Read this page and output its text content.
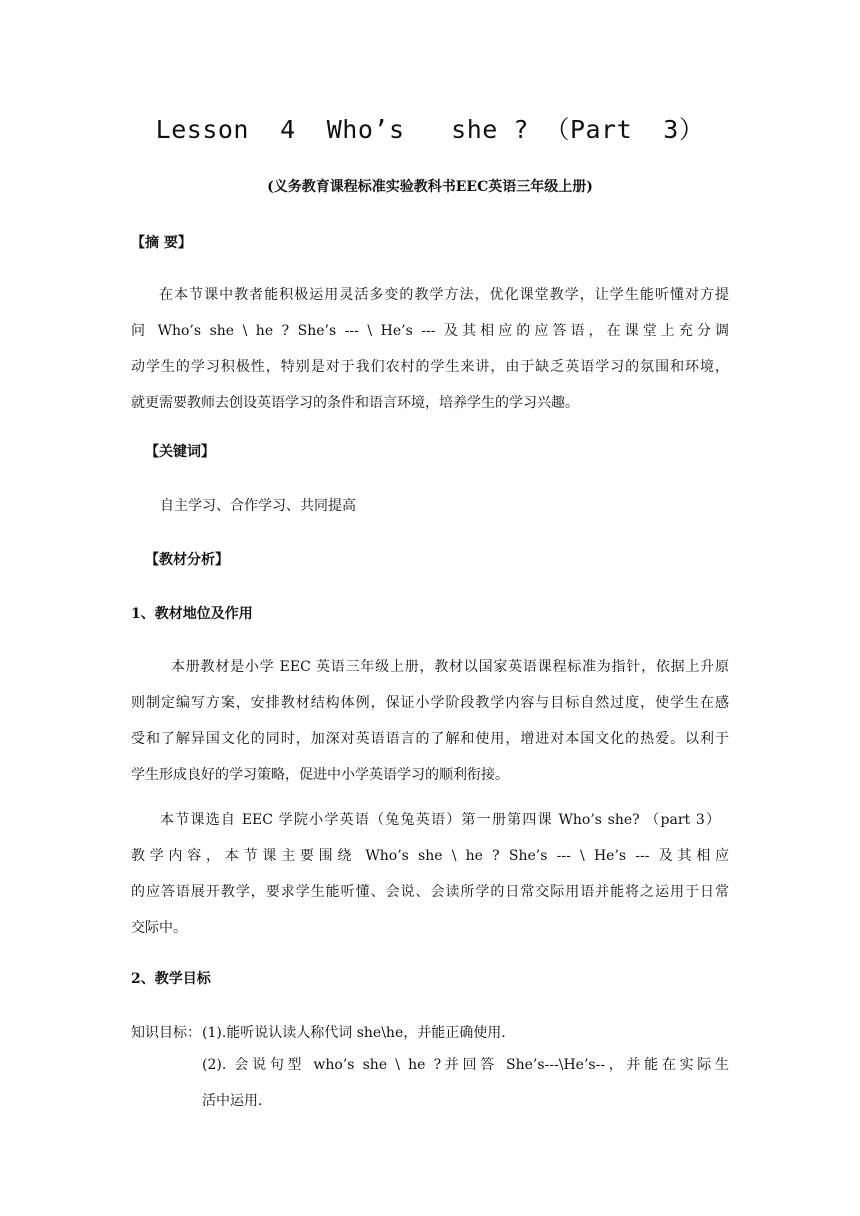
Lesson  4  Who’s   she ? （Part  3）
(义务教育课程标准实验教科书EEC英语三年级上册)
【摘 要】
在本节课中教者能积极运用灵活多变的教学方法，优化课堂教学，让学生能听懂对方提
问 Who’s she \ he ? She’s --- \ He’s --- 及其相应的应答语，在课堂上充分调
动学生的学习积极性，特别是对于我们农村的学生来讲，由于缺乏英语学习的氛围和环境，
就更需要教师去创设英语学习的条件和语言环境，培养学生的学习兴趣。
【关键词】
自主学习、合作学习、共同提高
【教材分析】
1、教材地位及作用
本册教材是小学 EEC 英语三年级上册，教材以国家英语课程标准为指针，依据上升原
则制定编写方案，安排教材结构体例，保证小学阶段教学内容与目标自然过度，使学生在感
受和了解异国文化的同时，加深对英语语言的了解和使用，增进对本国文化的热爱。以利于
学生形成良好的学习策略，促进中小学英语学习的顺利衔接。
本节课选自 EEC 学院小学英语（兔兔英语）第一册第四课 Who’s she? （part 3）
教学内容，本节课主要围绕 Who’s she \ he ? She’s --- \ He’s --- 及其相应
的应答语展开教学，要求学生能听懂、会说、会读所学的日常交际用语并能将之运用于日常
交际中。
2、教学目标
知识目标： (1).能听说认读人称代词 she\he，并能正确使用.
(2). 会说句型 who’s she \ he ?并回答 She’s---\He’s--，并能在实际生
活中运用.
